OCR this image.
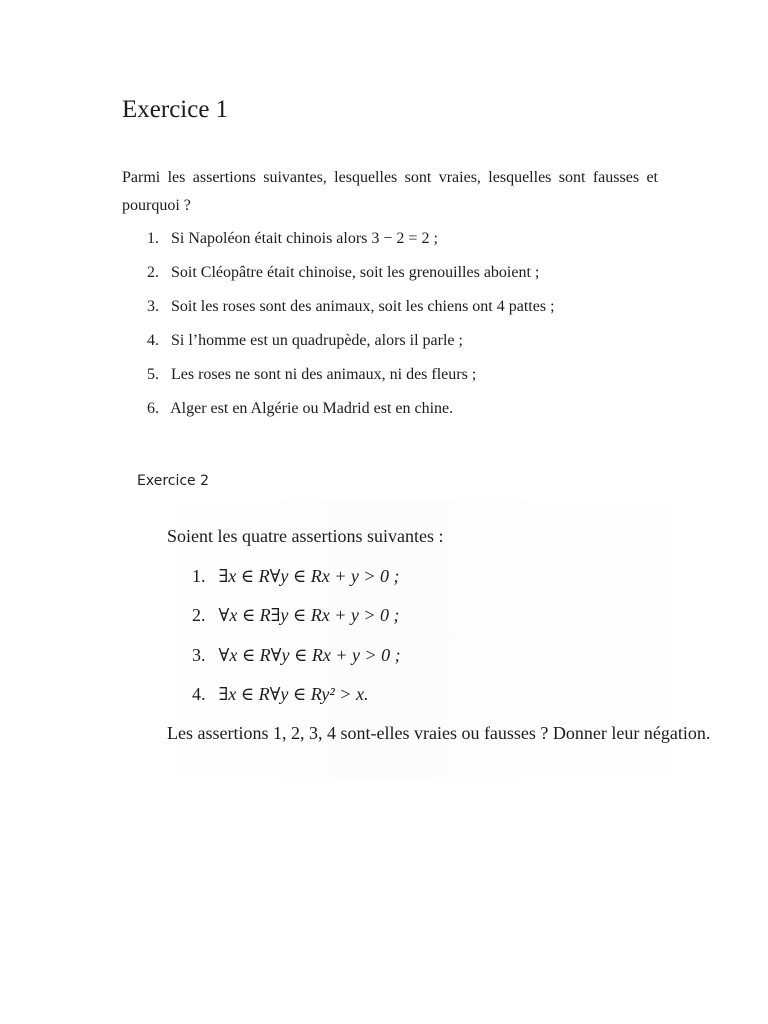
Exercice 1

Parmi les assertions suivantes, lesquelles sont vraies, lesquelles sont fausses et pourquoi ?

1. Si Napoléon était chinois alors 3 − 2 = 2 ;
2. Soit Cléopâtre était chinoise, soit les grenouilles aboient ;
3. Soit les roses sont des animaux, soit les chiens ont 4 pattes ;
4. Si l’homme est un quadrupède, alors il parle ;
5. Les roses ne sont ni des animaux, ni des fleurs ;
6. Alger est en Algérie ou Madrid est en chine.
Exercice 2

Soient les quatre assertions suivantes :

1. ∃x ∈ R∀y ∈ Rx + y > 0 ;
2. ∀x ∈ R∃y ∈ Rx + y > 0 ;
3. ∀x ∈ R∀y ∈ Rx + y > 0 ;
4. ∃x ∈ R∀y ∈ Ry² > x.

Les assertions 1, 2, 3, 4 sont-elles vraies ou fausses ? Donner leur négation.
